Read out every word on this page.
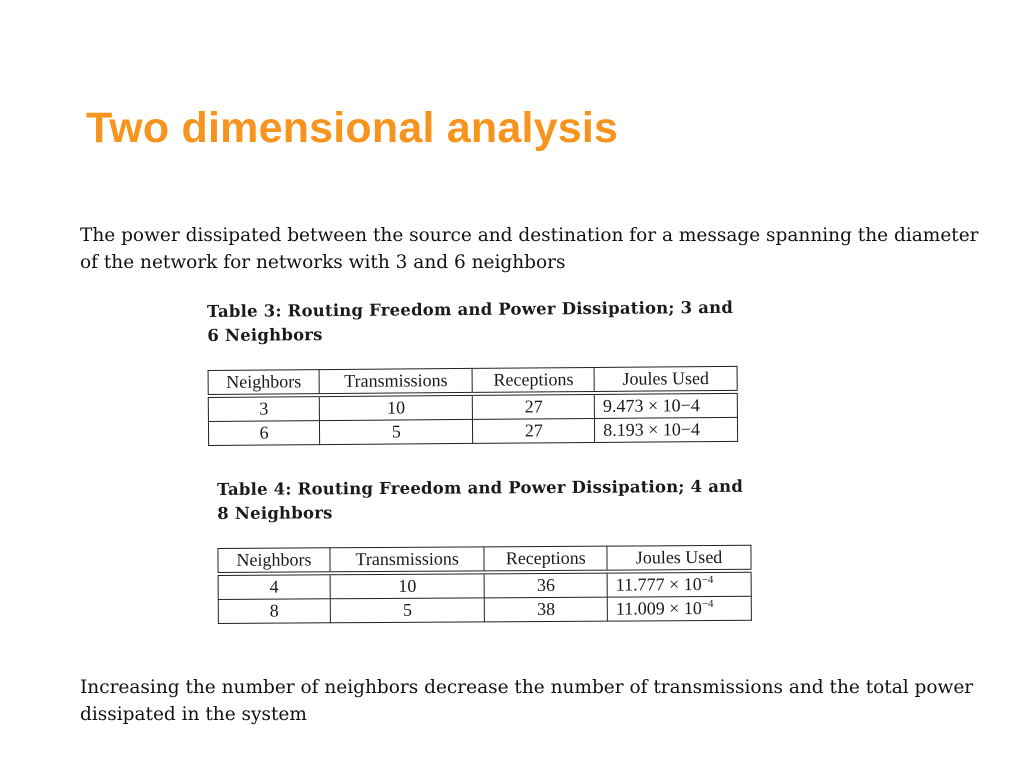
Two dimensional analysis

The power dissipated between the source and destination for a message spanning the diameter of the network for networks with 3 and 6 neighbors

Table 3: Routing Freedom and Power Dissipation; 3 and 6 Neighbors

Neighbors	Transmissions	Receptions	Joules Used
3	10	27	9.473 × 10−4
6	5	27	8.193 × 10−4

Table 4: Routing Freedom and Power Dissipation; 4 and 8 Neighbors

Neighbors	Transmissions	Receptions	Joules Used
4	10	36	$11.777 \times 10^{-4}$
8	5	38	$11.009 \times 10^{-4}$

Increasing the number of neighbors decrease the number of transmissions and the total power dissipated in the system
